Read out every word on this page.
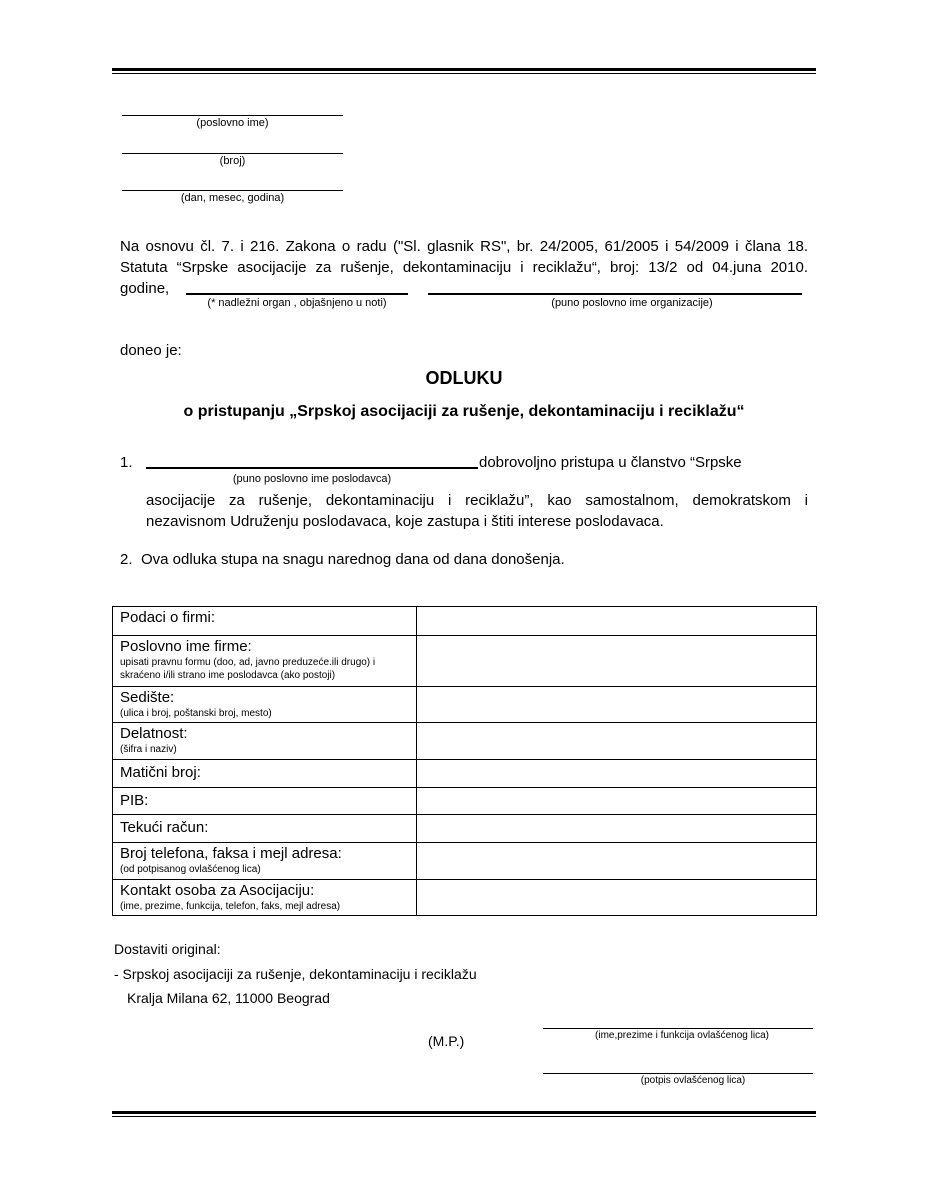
(poslovno ime)
(broj)
(dan, mesec, godina)
Na osnovu čl. 7. i 216. Zakona o radu ("Sl. glasnik RS", br. 24/2005, 61/2005 i 54/2009 i člana 18.
Statuta “Srpske asocijacije za rušenje, dekontaminaciju i reciklažu“, broj: 13/2 od 04.juna 2010.
godine,
(* nadležni organ , objašnjeno u noti)	(puno poslovno ime organizacije)
doneo je:
ODLUKU
o pristupanju „Srpskoj asocijaciji za rušenje, dekontaminaciju i reciklažu“
1.	dobrovoljno pristupa u članstvo “Srpske
(puno poslovno ime poslodavca)
asocijacije za rušenje, dekontaminaciju i reciklažu”, kao samostalnom, demokratskom i
nezavisnom Udruženju poslodavaca, koje zastupa i štiti interese poslodavaca.
2. Ova odluka stupa na snagu narednog dana od dana donošenja.
Podaci o firmi:	

Poslovno ime firme:
upisati pravnu formu (doo, ad, javno preduzeće.ili drugo) i skraćeno i/ili strano ime poslodavca (ako postoji)	

Sedište:
(ulica i broj, poštanski broj, mesto)	

Delatnost:
(šifra i naziv)	

Matični broj:	

PIB:	

Tekući račun:	

Broj telefona, faksa i mejl adresa:
(od potpisanog ovlašćenog lica)	

Kontakt osoba za Asocijaciju:
(ime, prezime, funkcija, telefon, faks, mejl adresa)	

Dostaviti original:
- Srpskoj asocijaciji za rušenje, dekontaminaciju i reciklažu
Kralja Milana 62, 11000 Beograd
(M.P.)	(ime,prezime i funkcija ovlašćenog lica)
(potpis ovlašćenog lica)
